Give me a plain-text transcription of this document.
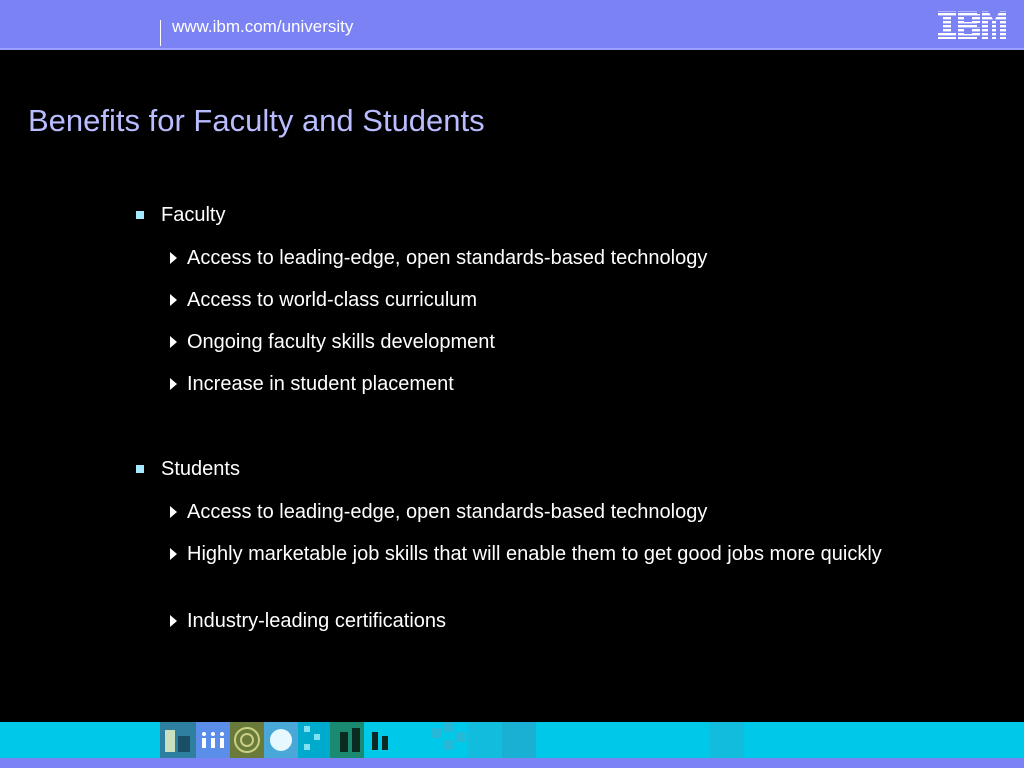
www.ibm.com/university
Benefits for Faculty and Students
Faculty
Access to leading-edge, open standards-based technology
Access to world-class curriculum
Ongoing faculty skills development
Increase in student placement
Students
Access to leading-edge, open standards-based technology
Highly marketable job skills that will enable them to get good jobs more quickly
Industry-leading certifications
